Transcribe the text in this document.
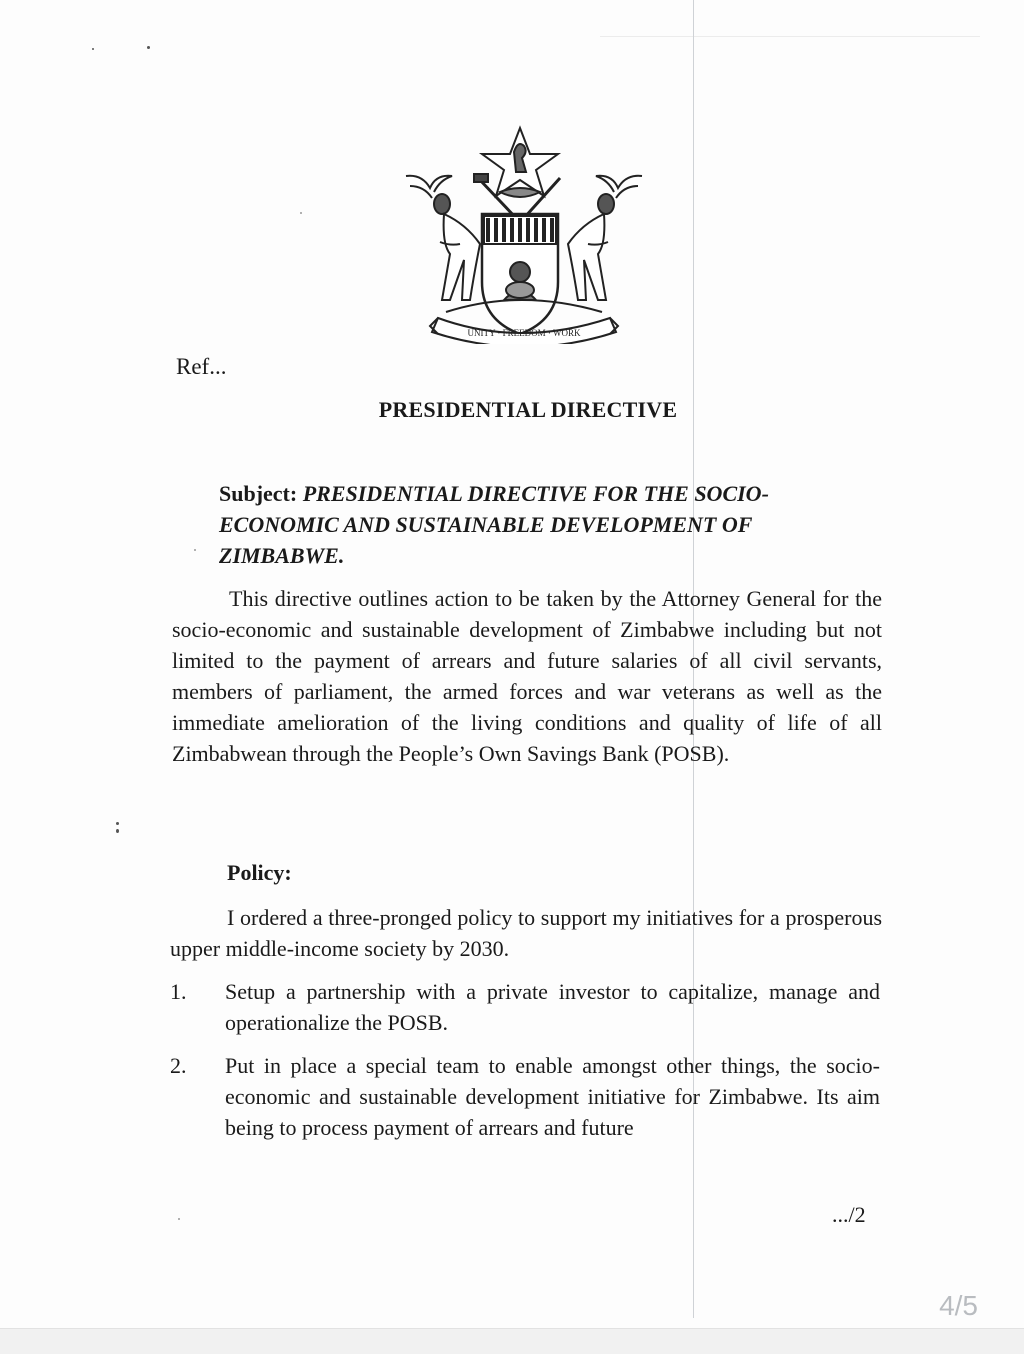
UNITY · FREEDOM · WORK
Ref...
PRESIDENTIAL DIRECTIVE
Subject: PRESIDENTIAL DIRECTIVE FOR THE SOCIO-ECONOMIC AND SUSTAINABLE DEVELOPMENT OF ZIMBABWE.
This directive outlines action to be taken by the Attorney General for the socio-economic and sustainable development of Zimbabwe including but not limited to the payment of arrears and future salaries of all civil servants, members of parliament, the armed forces and war veterans as well as the immediate amelioration of the living conditions and quality of life of all Zimbabwean through the People’s Own Savings Bank (POSB).
Policy:
I ordered a three-pronged policy to support my initiatives for a prosperous upper middle-income society by 2030.
1.	Setup a partnership with a private investor to capitalize, manage and operationalize the POSB.
2.	Put in place a special team to enable amongst other things, the socio-economic and sustainable development initiative for Zimbabwe. Its aim being to process payment of arrears and future
.../2
4/5
